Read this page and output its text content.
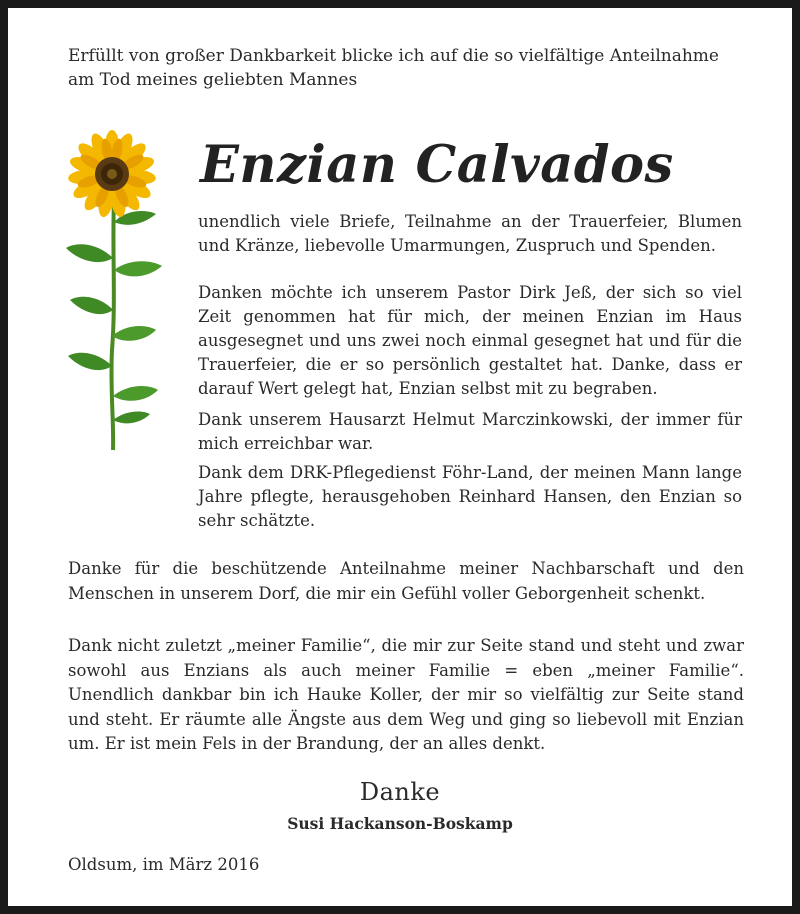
Erfüllt von großer Dankbarkeit blicke ich auf die so vielfältige Anteilnahme am Tod meines geliebten Mannes

Enzian Calvados

unendlich viele Briefe, Teilnahme an der Trauerfeier, Blumen und Kränze, liebevolle Umarmungen, Zuspruch und Spenden.

Danken möchte ich unserem Pastor Dirk Jeß, der sich so viel Zeit genommen hat für mich, der meinen Enzian im Haus ausgesegnet und uns zwei noch einmal gesegnet hat und für die Trauerfeier, die er so persönlich gestaltet hat. Danke, dass er darauf Wert gelegt hat, Enzian selbst mit zu begraben.

Dank unserem Hausarzt Helmut Marczinkowski, der immer für mich erreichbar war.

Dank dem DRK-Pflegedienst Föhr-Land, der meinen Mann lange Jahre pflegte, herausgehoben Reinhard Hansen, den Enzian so sehr schätzte.

Danke für die beschützende Anteilnahme meiner Nachbarschaft und den Menschen in unserem Dorf, die mir ein Gefühl voller Geborgenheit schenkt.

Dank nicht zuletzt „meiner Familie“, die mir zur Seite stand und steht und zwar sowohl aus Enzians als auch meiner Familie = eben „meiner Familie“. Unendlich dankbar bin ich Hauke Koller, der mir so vielfältig zur Seite stand und steht. Er räumte alle Ängste aus dem Weg und ging so liebevoll mit Enzian um. Er ist mein Fels in der Brandung, der an alles denkt.

Danke

Susi Hackanson-Boskamp

Oldsum, im März 2016
